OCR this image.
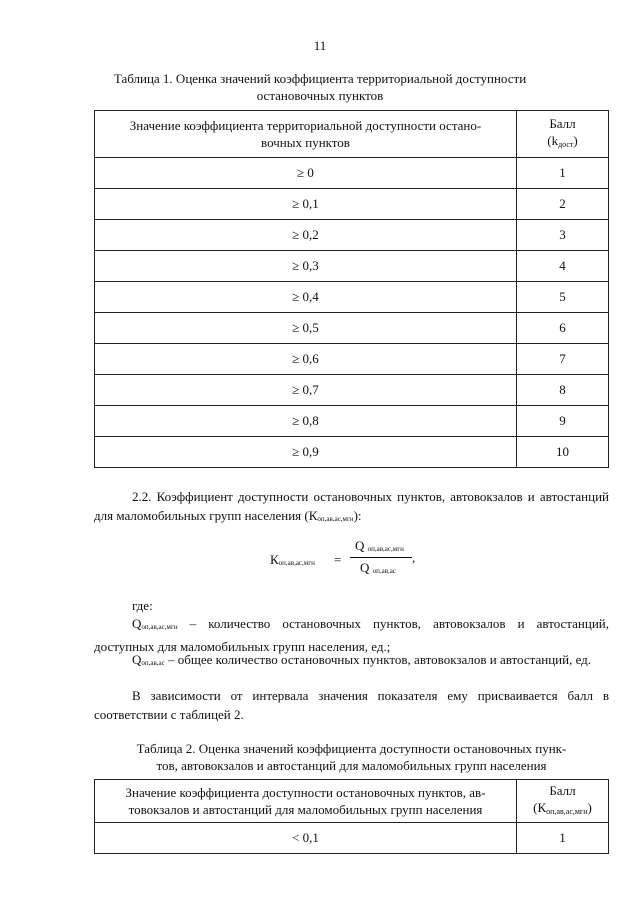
11
Таблица 1. Оценка значений коэффициента территориальной доступности
остановочных пунктов
Значение коэффициента территориальной доступности остано-
вочных пунктов	Балл
(kдост)
≥ 0	1
≥ 0,1	2
≥ 0,2	3
≥ 0,3	4
≥ 0,4	5
≥ 0,5	6
≥ 0,6	7
≥ 0,7	8
≥ 0,8	9
≥ 0,9	10
2.2. Коэффициент доступности остановочных пунктов, автовокзалов и автостанций для маломобильных групп населения (Коп,ав,ас,мгн):
Коп,ав,ас,мгн =
Q оп,ав,ас,мгн
,
Q оп,ав,ас
где:
Qоп,ав,ас,мгн – количество остановочных пунктов, автовокзалов и автостанций, доступных для маломобильных групп населения, ед.;
Qоп,ав,ас – общее количество остановочных пунктов, автовокзалов и автостанций, ед.
В зависимости от интервала значения показателя ему присваивается балл в соответствии с таблицей 2.
Таблица 2. Оценка значений коэффициента доступности остановочных пунк-
тов, автовокзалов и автостанций для маломобильных групп населения
Значение коэффициента доступности остановочных пунктов, ав-
товокзалов и автостанций для маломобильных групп населения	Балл
(Коп,ав,ас,мгн)
< 0,1	1
